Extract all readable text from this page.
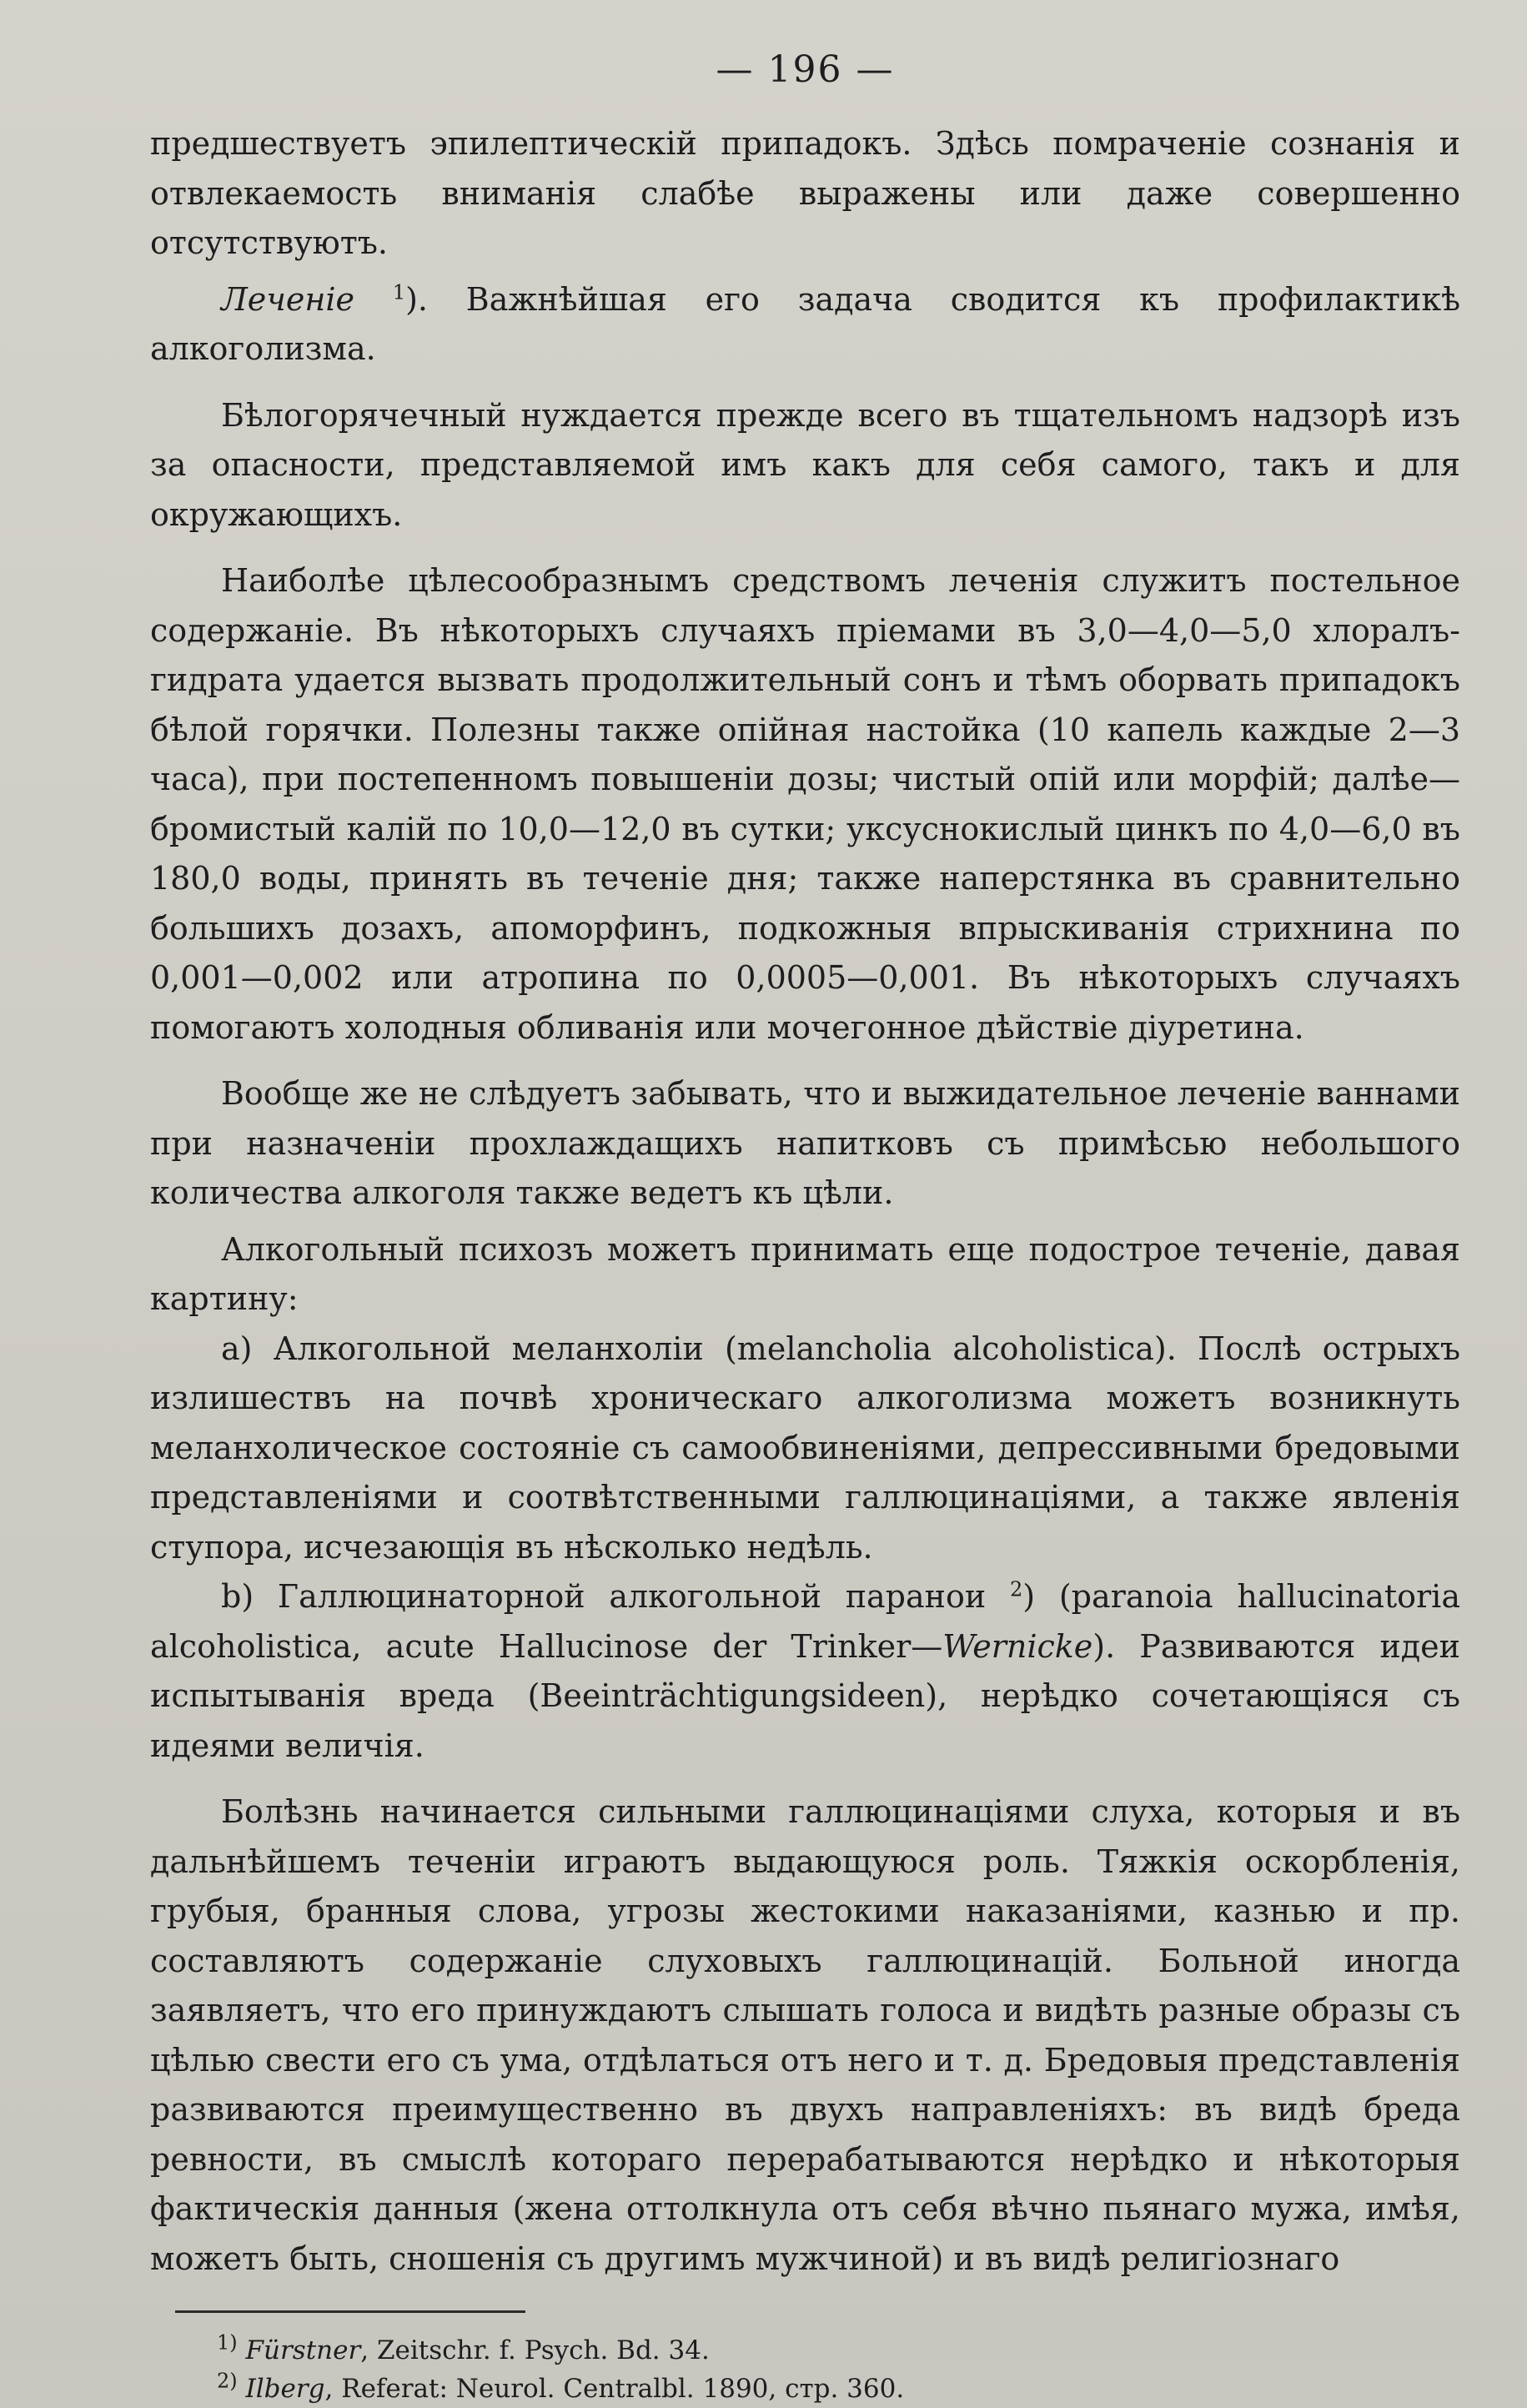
— 196 —

предшествуетъ эпилептическій припадокъ. Здѣсь помраченіе сознанія и отвлекаемость вниманія слабѣе выражены или даже совершенно отсутствуютъ.

Леченіе $^1$). Важнѣйшая его задача сводится къ профилактикѣ алкоголизма.

Бѣлогорячечный нуждается прежде всего въ тщательномъ надзорѣ изъ за опасности, представляемой имъ какъ для себя самого, такъ и для окружающихъ.

Наиболѣе цѣлесообразнымъ средствомъ леченія служитъ постельное содержаніе. Въ нѣкоторыхъ случаяхъ пріемами въ 3,0—4,0—5,0 хлоралъ-гидрата удается вызвать продолжительный сонъ и тѣмъ оборвать припадокъ бѣлой горячки. Полезны также опійная настойка (10 капель каждые 2—3 часа), при постепенномъ повышеніи дозы; чистый опій или морфій; далѣе—бромистый калій по 10,0—12,0 въ сутки; уксуснокислый цинкъ по 4,0—6,0 въ 180,0 воды, принять въ теченіе дня; также наперстянка въ сравнительно большихъ дозахъ, апоморфинъ, подкожныя впрыскиванія стрихнина по 0,001—0,002 или атропина по 0,0005—0,001. Въ нѣкоторыхъ случаяхъ помогаютъ холодныя обливанія или мочегонное дѣйствіе діуретина.

Вообще же не слѣдуетъ забывать, что и выжидательное леченіе ваннами при назначеніи прохлаждащихъ напитковъ съ примѣсью небольшого количества алкоголя также ведетъ къ цѣли.

Алкогольный психозъ можетъ принимать еще подострое теченіе, давая картину:

a) Алкогольной меланхоліи (melancholia alcoholistica). Послѣ острыхъ излишествъ на почвѣ хроническаго алкоголизма можетъ возникнуть меланхолическое состояніе съ самообвиненіями, депрессивными бредовыми представленіями и соотвѣтственными галлюцинаціями, а также явленія ступора, исчезающія въ нѣсколько недѣль.

b) Галлюцинаторной алкогольной паранои $^2$) (paranoia hallucinatoria alcoholistica, acute Hallucinose der Trinker—Wernicke). Развиваются идеи испытыванія вреда (Beeinträchtigungsideen), нерѣдко сочетающіяся съ идеями величія.

Болѣзнь начинается сильными галлюцинаціями слуха, которыя и въ дальнѣйшемъ теченіи играютъ выдающуюся роль. Тяжкія оскорбленія, грубыя, бранныя слова, угрозы жестокими наказаніями, казнью и пр. составляютъ содержаніе слуховыхъ галлюцинацій. Больной иногда заявляетъ, что его принуждаютъ слышать голоса и видѣть разные образы съ цѣлью свести его съ ума, отдѣлаться отъ него и т. д. Бредовыя представленія развиваются преимущественно въ двухъ направленіяхъ: въ видѣ бреда ревности, въ смыслѣ котораго перерабатываются нерѣдко и нѣкоторыя фактическія данныя (жена оттолкнула отъ себя вѣчно пьянаго мужа, имѣя, можетъ быть, сношенія съ другимъ мужчиной) и въ видѣ религіознаго

$^{1)}$ Fürstner, Zeitschr. f. Psych. Bd. 34.

$^{2)}$ Ilberg, Referat: Neurol. Centralbl. 1890, стр. 360.
